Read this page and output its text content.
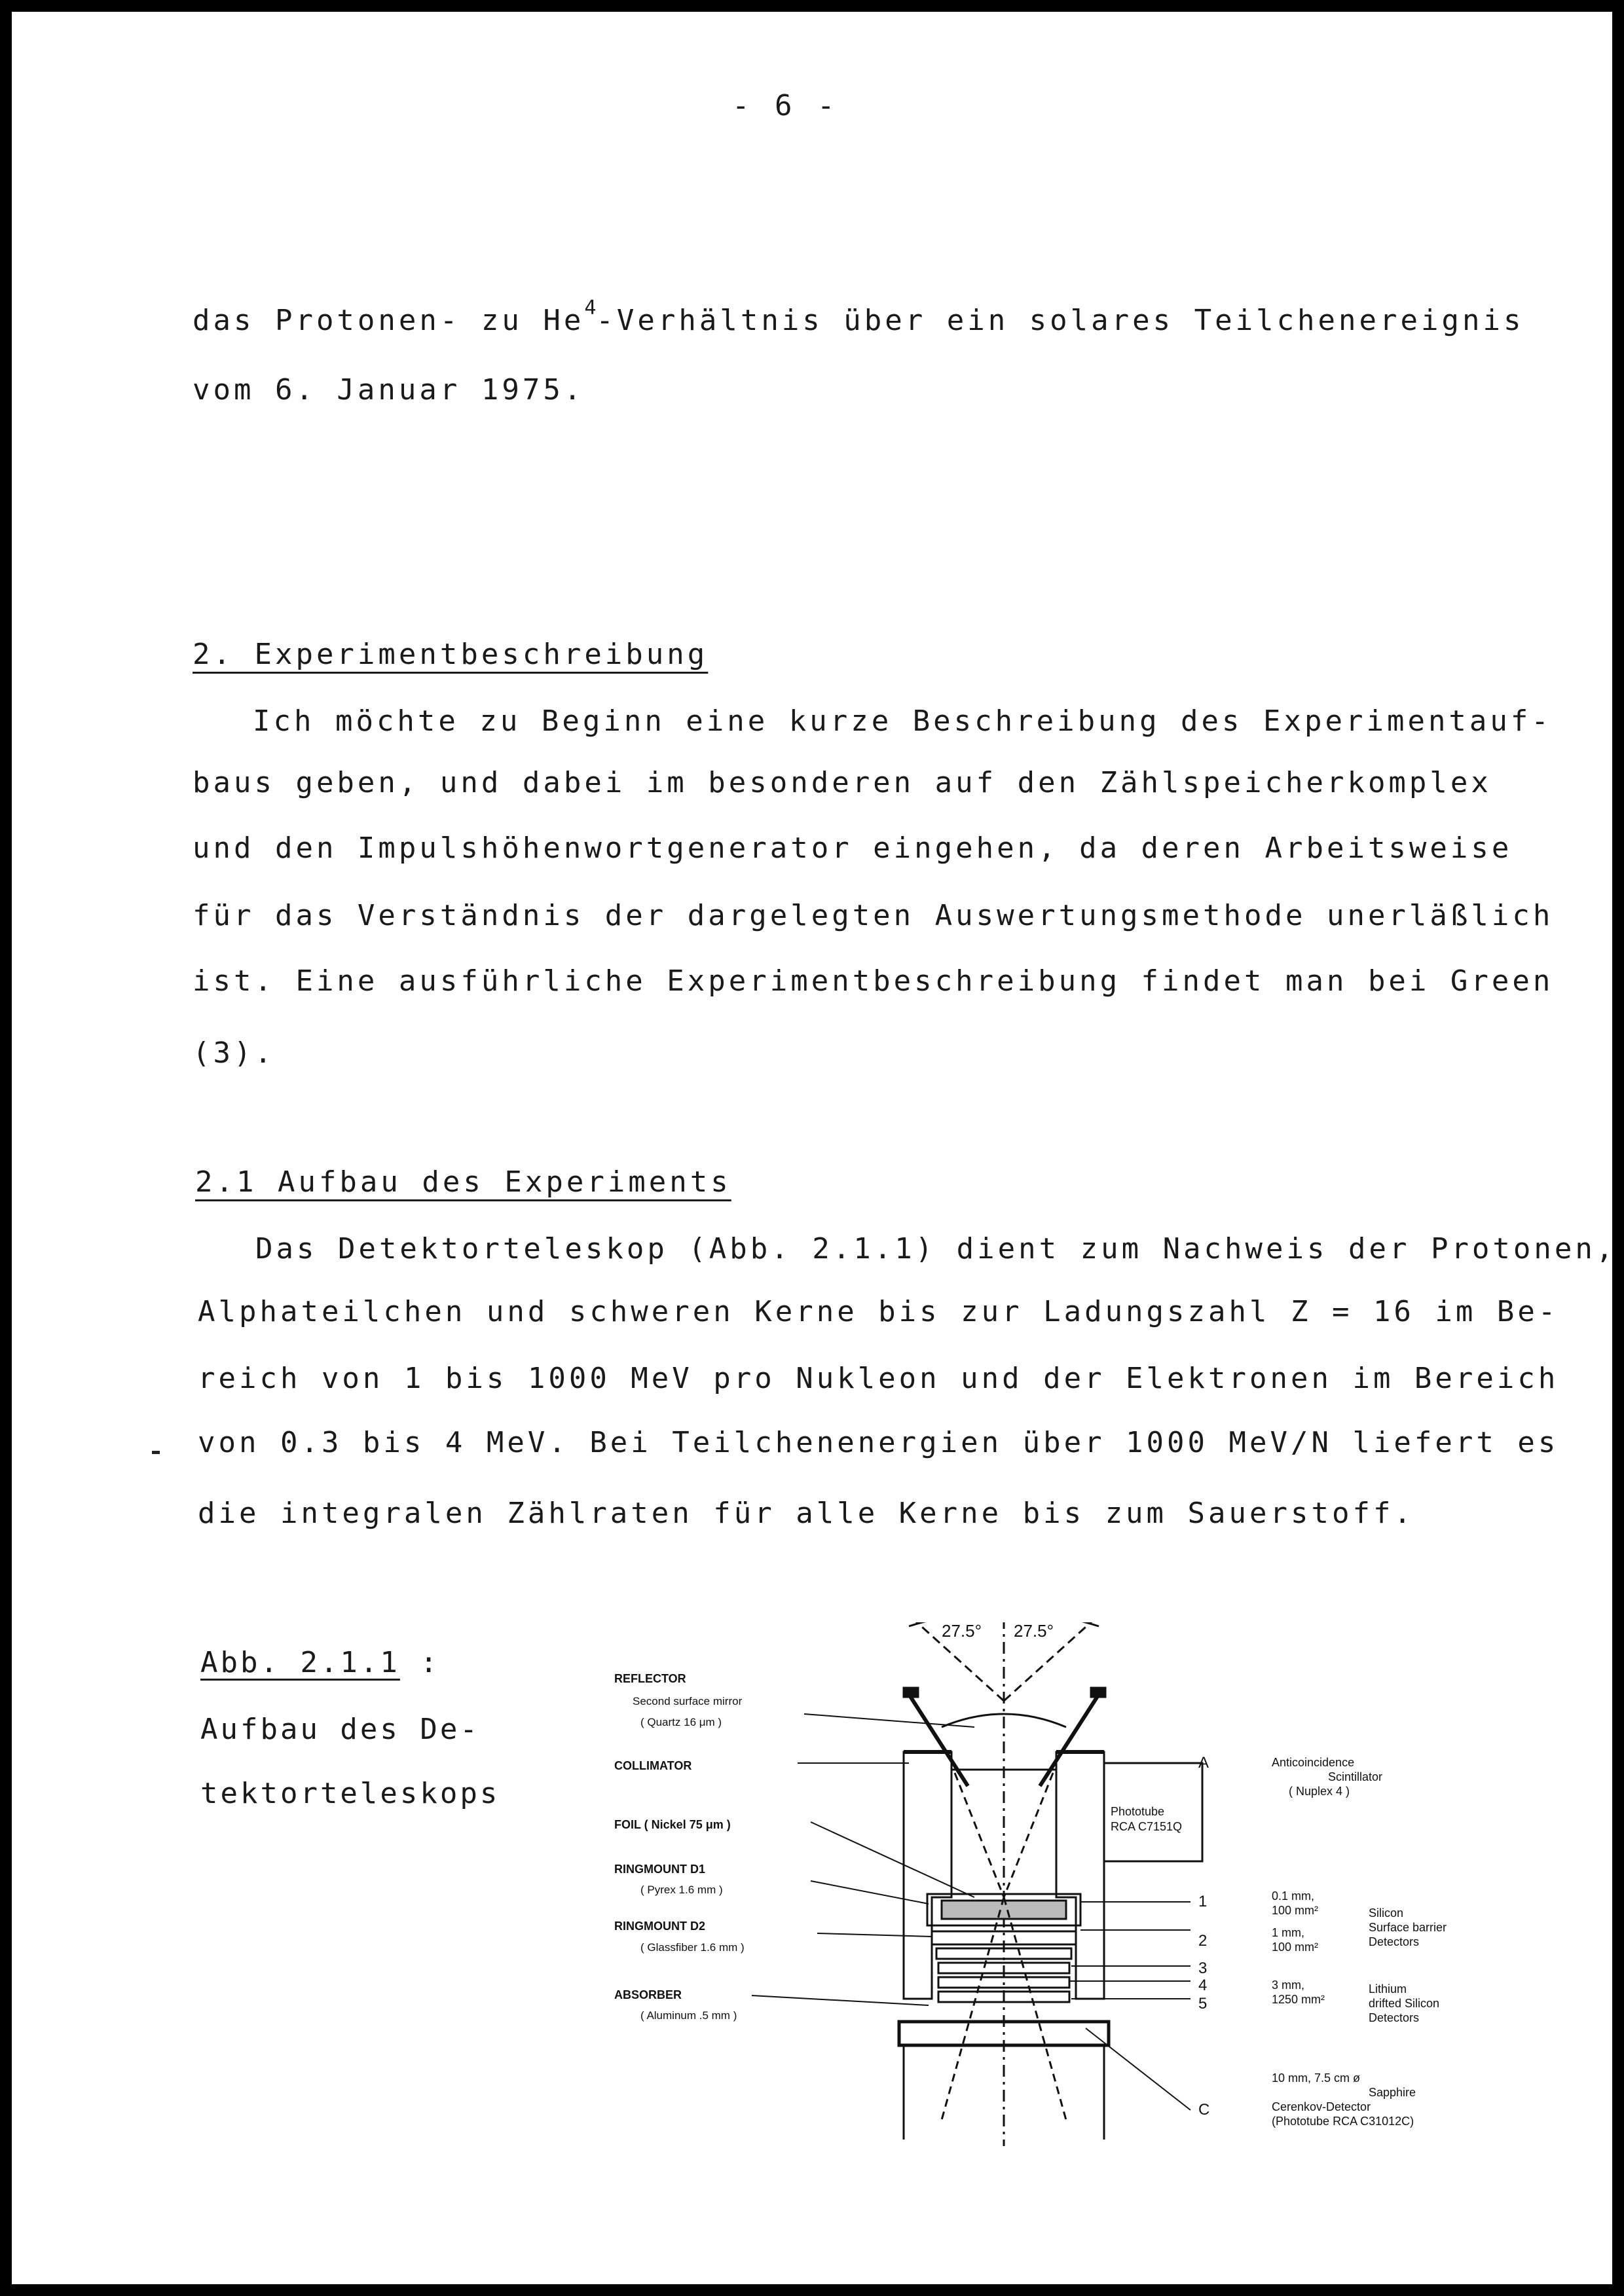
- 6 -
das Protonen- zu He$^4$-Verhältnis über ein solares Teilchenereignis
vom 6. Januar 1975.
2. Experimentbeschreibung
Ich möchte zu Beginn eine kurze Beschreibung des Experimentauf-
baus geben, und dabei im besonderen auf den Zählspeicherkomplex
und den Impulshöhenwortgenerator eingehen, da deren Arbeitsweise
für das Verständnis der dargelegten Auswertungsmethode unerläßlich
ist. Eine ausführliche Experimentbeschreibung findet man bei Green
(3).
2.1 Aufbau des Experiments
Das Detektorteleskop (Abb. 2.1.1) dient zum Nachweis der Protonen,
Alphateilchen und schweren Kerne bis zur Ladungszahl Z = 16 im Be-
reich von 1 bis 1000 MeV pro Nukleon und der Elektronen im Bereich
von 0.3 bis 4 MeV. Bei Teilchenenergien über 1000 MeV/N liefert es
die integralen Zählraten für alle Kerne bis zum Sauerstoff.
Abb. 2.1.1 :
Aufbau des De-
tektorteleskops
27.5° 27.5°
REFLECTOR
Second surface mirror
( Quartz 16 μm )
COLLIMATOR
FOIL ( Nickel 75 μm )
RINGMOUNT D1
( Pyrex 1.6 mm )
RINGMOUNT D2
( Glassfiber 1.6 mm )
ABSORBER
( Aluminum .5 mm )
Phototube
RCA C7151Q
A
1
2
3
4
5
C
Anticoincidence
Scintillator
( Nuplex 4 )
0.1 mm,
100 mm²	Silicon
Surface barrier
Detectors
1 mm,
100 mm²
3 mm,
1250 mm²
Lithium
drifted Silicon
Detectors
10 mm, 7.5 cm ø
Sapphire
Cerenkov-Detector
(Phototube RCA C31012C)
